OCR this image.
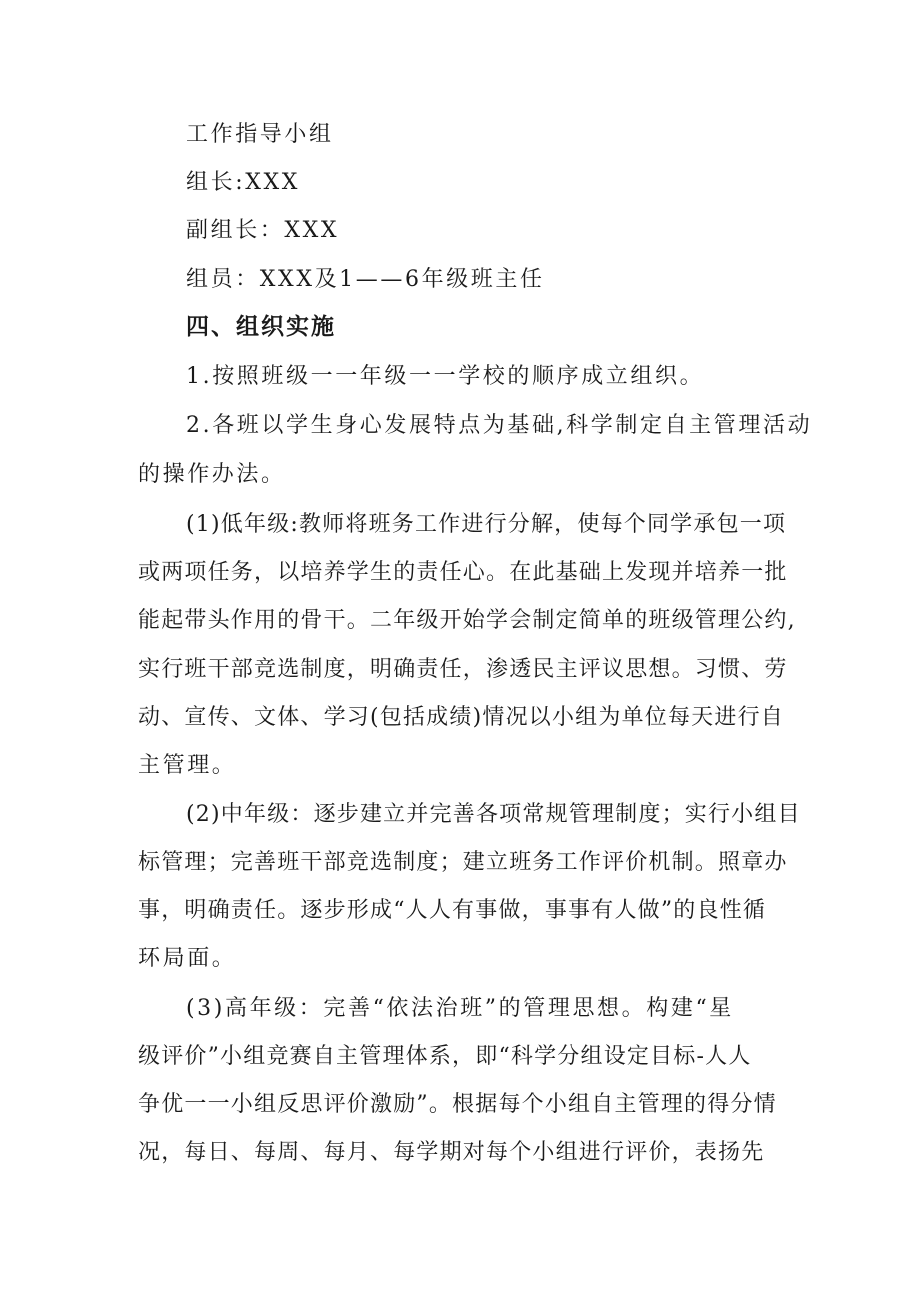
工作指导小组
组长:XXX
副组长：XXX
组员：XXX及1——6年级班主任
四、组织实施
1.按照班级一一年级一一学校的顺序成立组织。
2.各班以学生身心发展特点为基础,科学制定自主管理活动
的操作办法。
(1)低年级:教师将班务工作进行分解，使每个同学承包一项
或两项任务，以培养学生的责任心。在此基础上发现并培养一批
能起带头作用的骨干。二年级开始学会制定简单的班级管理公约,
实行班干部竞选制度，明确责任，渗透民主评议思想。习惯、劳
动、宣传、文体、学习(包括成绩)情况以小组为单位每天进行自
主管理。
(2)中年级：逐步建立并完善各项常规管理制度；实行小组目
标管理；完善班干部竞选制度；建立班务工作评价机制。照章办
事，明确责任。逐步形成“人人有事做，事事有人做”的良性循
环局面。
(3)高年级：完善“依法治班”的管理思想。构建“星
级评价”小组竞赛自主管理体系，即“科学分组设定目标-人人
争优一一小组反思评价激励”。根据每个小组自主管理的得分情
况，每日、每周、每月、每学期对每个小组进行评价，表扬先
